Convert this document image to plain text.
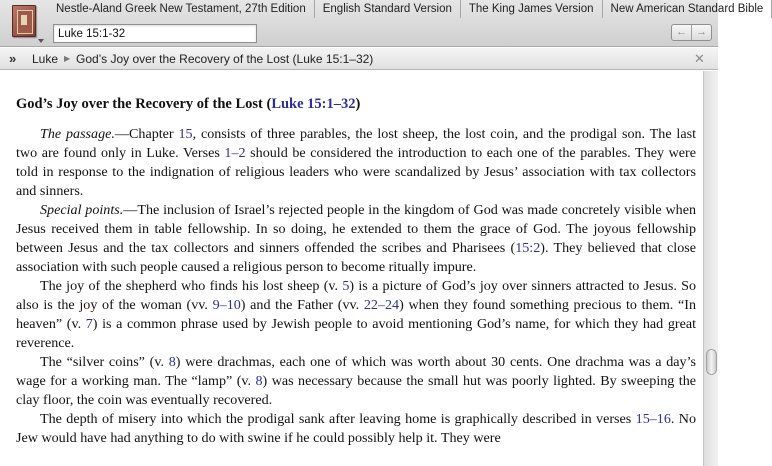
Nestle-Aland Greek New Testament, 27th Edition	English Standard Version	The King James Version	New American Standard Bible
Luke 15:1-32
← →
» Luke ▶ God’s Joy over the Recovery of the Lost (Luke 15:1–32)	✕
God’s Joy over the Recovery of the Lost (Luke 15:1–32)

The passage.—Chapter 15, consists of three parables, the lost sheep, the lost coin, and the prodigal son. The last two are found only in Luke. Verses 1–2 should be considered the introduction to each one of the parables. They were told in response to the indignation of religious leaders who were scandalized by Jesus’ association with tax collectors and sinners.

Special points.—The inclusion of Israel’s rejected people in the kingdom of God was made concretely visible when Jesus received them in table fellowship. In so doing, he extended to them the grace of God. The joyous fellowship between Jesus and the tax collectors and sinners offended the scribes and Pharisees (15:2). They believed that close association with such people caused a religious person to become ritually impure.

The joy of the shepherd who finds his lost sheep (v. 5) is a picture of God’s joy over sinners attracted to Jesus. So also is the joy of the woman (vv. 9–10) and the Father (vv. 22–24) when they found something precious to them. “In heaven” (v. 7) is a common phrase used by Jewish people to avoid mentioning God’s name, for which they had great reverence.

The “silver coins” (v. 8) were drachmas, each one of which was worth about 30 cents. One drachma was a day’s wage for a working man. The “lamp” (v. 8) was necessary because the small hut was poorly lighted. By sweeping the clay floor, the coin was eventually recovered.

The depth of misery into which the prodigal sank after leaving home is graphically described in verses 15–16. No Jew would have had anything to do with swine if he could possibly help it. They were
